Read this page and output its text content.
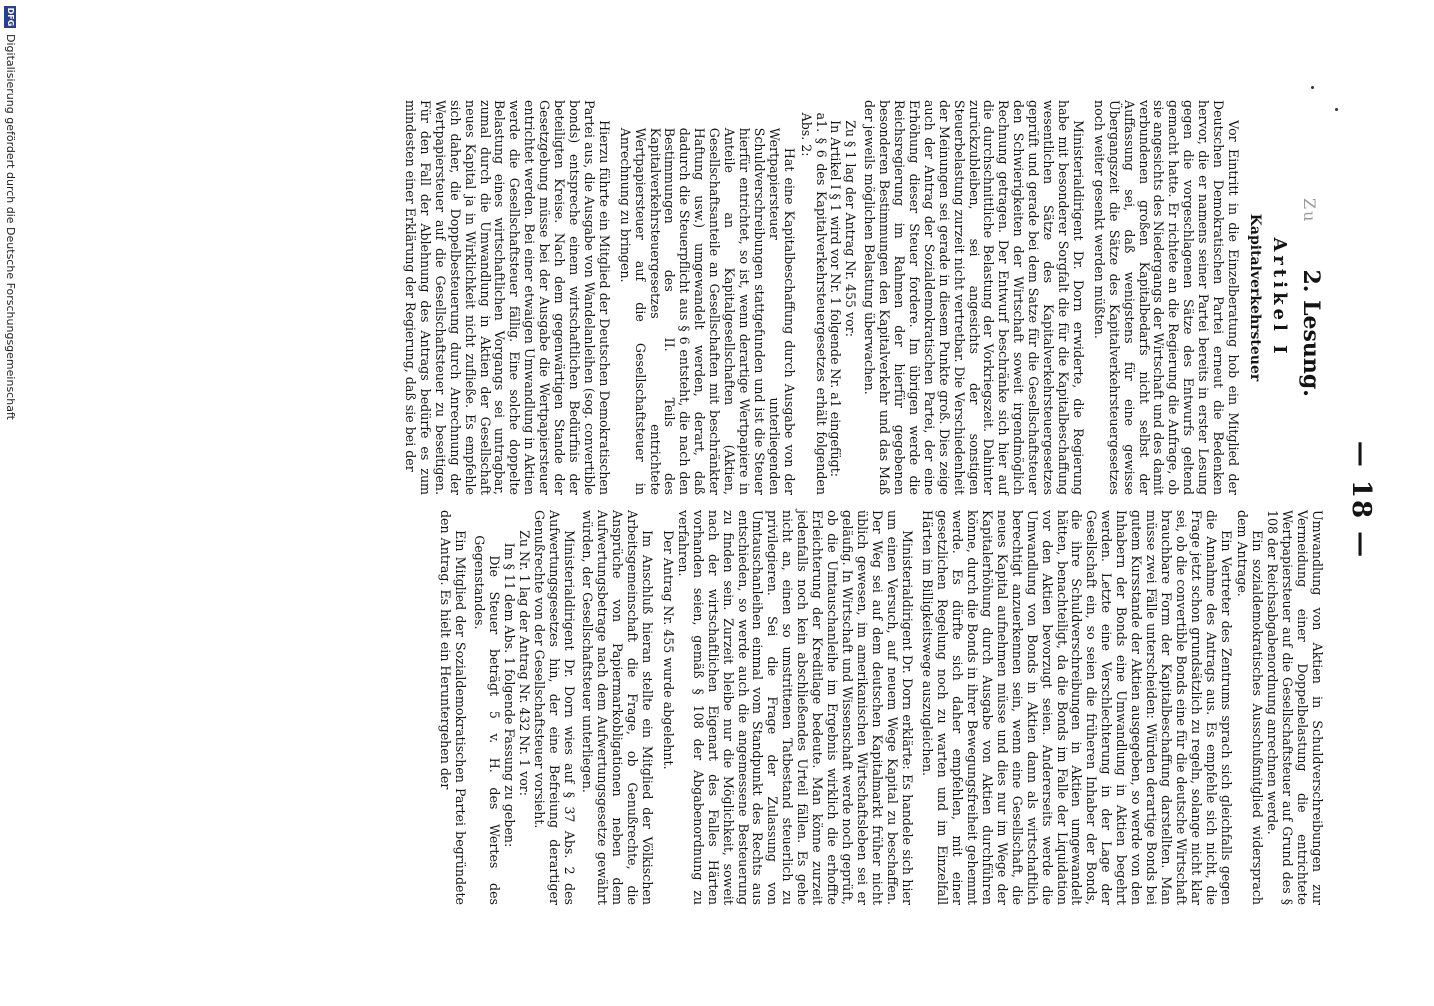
— 18 —
Zu      2. Lesung.
Artikel I
Kapitalverkehrsteuer

Vor Eintritt in die Einzelberatung hob ein Mitglied der Deutschen Demokratischen Partei erneut die Bedenken hervor, die er namens seiner Partei bereits in erster Lesung gegen die vorgeschlagenen Sätze des Entwurfs geltend gemacht hatte. Er richtete an die Regierung die Anfrage, ob sie angesichts des Niedergangs der Wirtschaft und des damit verbundenen großen Kapitalbedarfs nicht selbst der Auffassung sei, daß wenigstens für eine gewisse Übergangszeit die Sätze des Kapitalverkehrsteuergesetzes noch weiter gesenkt werden müßten.

Ministerialdirigent Dr. Dorn erwiderte, die Regierung habe mit besonderer Sorgfalt die für die Kapitalbeschaffung wesentlichen Sätze des Kapitalverkehrsteuergesetzes geprüft und gerade bei dem Satze für die Gesellschaftsteuer den Schwierigkeiten der Wirtschaft soweit irgendmöglich Rechnung getragen. Der Entwurf beschränke sich hier auf die durchschnittliche Belastung der Vorkriegszeit. Dahinter zurückzubleiben, sei angesichts der sonstigen Steuerbelastung zurzeit nicht vertretbar. Die Verschiedenheit der Meinungen sei gerade in diesem Punkte groß. Dies zeige auch der Antrag der Sozialdemokratischen Partei, der eine Erhöhung dieser Steuer fordere. Im übrigen werde die Reichsregierung im Rahmen der hierfür gegebenen besonderen Bestimmungen den Kapitalverkehr und das Maß der jeweils möglichen Belastung überwachen.

Zu § 1 lag der Antrag Nr. 455 vor:

In Artikel I § 1 wird vor Nr. 1 folgende Nr. a1 eingefügt:

a1. § 6 des Kapitalverkehrsteuergesetzes erhält folgenden Abs. 2:

Hat eine Kapitalbeschaffung durch Ausgabe von der Wertpapiersteuer unterliegenden Schuldverschreibungen stattgefunden und ist die Steuer hierfür entrichtet, so ist, wenn derartige Wertpapiere in Anteile an Kapitalgesellschaften (Aktien, Gesellschaftsanteile an Gesellschaften mit beschränkter Haftung usw.) umgewandelt werden, derart, daß dadurch die Steuerpflicht aus § 6 entsteht, die nach den Bestimmungen des II. Teils des Kapitalverkehrsteuergesetzes entrichtete Wertpapiersteuer auf die Gesellschaftsteuer in Anrechnung zu bringen.

Hierzu führte ein Mitglied der Deutschen Demokratischen Partei aus, die Ausgabe von Wandelanleihen (sog. convertible bonds) entspreche einem wirtschaftlichen Bedürfnis der beteiligten Kreise. Nach dem gegenwärtigen Stande der Gesetzgebung müsse bei der Ausgabe die Wertpapiersteuer entrichtet werden. Bei einer etwaigen Umwandlung in Aktien werde die Gesellschaftsteuer fällig. Eine solche doppelte Belastung eines wirtschaftlichen Vorgangs sei untragbar, zumal durch die Umwandlung in Aktien der Gesellschaft neues Kapital ja in Wirklichkeit nicht zufließe. Es empfehle sich daher, die Doppelbesteuerung durch Anrechnung der Wertpapiersteuer auf die Gesellschaftsteuer zu beseitigen. Für den Fall der Ablehnung des Antrags bedürfe es zum mindesten einer Erklärung der Regierung, daß sie bei der

Umwandlung von Aktien in Schuldverschreibungen zur Vermeidung einer Doppelbelastung die entrichtete Wertpapiersteuer auf die Gesellschaftsteuer auf Grund des § 108 der Reichsabgabenordnung anrechnen werde.

Ein sozialdemokratisches Ausschußmitglied widersprach dem Antrage.

Ein Vertreter des Zentrums sprach sich gleichfalls gegen die Annahme des Antrags aus. Es empfehle sich nicht, die Frage jetzt schon grundsätzlich zu regeln, solange nicht klar sei, ob die convertible Bonds eine für die deutsche Wirtschaft brauchbare Form der Kapitalbeschaffung darstellten. Man müsse zwei Fälle unterscheiden: Würden derartige Bonds bei gutem Kursstande der Aktien ausgegeben, so werde von den Inhabern der Bonds eine Umwandlung in Aktien begehrt werden. Letzte eine Verschlechterung in der Lage der Gesellschaft ein, so seien die früheren Inhaber der Bonds, die ihre Schuldverschreibungen in Aktien umgewandelt hätten, benachteiligt, da die Bonds im Falle der Liquidation vor den Aktien bevorzugt seien. Andererseits werde die Umwandlung von Bonds in Aktien dann als wirtschaftlich berechtigt anzuerkennen sein, wenn eine Gesellschaft, die neues Kapital aufnehmen müsse und dies nur im Wege der Kapitalerhöhung durch Ausgabe von Aktien durchführen könne, durch die Bonds in ihrer Bewegungsfreiheit gehemmt werde. Es dürfte sich daher empfehlen, mit einer gesetzlichen Regelung noch zu warten und im Einzelfall Härten im Billigkeitswege auszugleichen.

Ministerialdirigent Dr. Dorn erklärte: Es handele sich hier um einen Versuch, auf neuem Wege Kapital zu beschaffen. Der Weg sei auf dem deutschen Kapitalmarkt früher nicht üblich gewesen, im amerikanischen Wirtschaftsleben sei er geläufig. In Wirtschaft und Wissenschaft werde noch geprüft, ob die Umtauschanleihe im Ergebnis wirklich die erhoffte Erleichterung der Kreditlage bedeute. Man könne zurzeit jedenfalls noch kein abschließendes Urteil fällen. Es gehe nicht an, einen so umstrittenen Tatbestand steuerlich zu privilegieren. Sei die Frage der Zulassung von Umtauschanleihen einmal vom Standpunkt des Rechts aus entschieden, so werde auch die angemessene Besteuerung zu finden sein. Zurzeit bleibe nur die Möglichkeit, soweit nach der wirtschaftlichen Eigenart des Falles Härten vorhanden seien, gemäß § 108 der Abgabenordnung zu verfahren.

Der Antrag Nr. 455 wurde abgelehnt.

Im Anschluß hieran stellte ein Mitglied der Völkischen Arbeitsgemeinschaft die Frage, ob Genußrechte, die Ansprüche von Papiermarkobligationen neben dem Aufwertungsbetrage nach dem Aufwertungsgesetze gewährt würden, der Gesellschaftsteuer unterliegen.

Ministerialdirigent Dr. Dorn wies auf § 37 Abs. 2 des Aufwertungsgesetzes hin, der eine Befreiung derartiger Genußrechte von der Gesellschaftsteuer vorsieht.

Zu Nr. 1 lag der Antrag Nr. 432 Nr. 1 vor:

Im § 11 dem Abs. 1 folgende Fassung zu geben:

Die Steuer beträgt 5 v. H. des Wertes des Gegenstandes.

Ein Mitglied der Sozialdemokratischen Partei begründete den Antrag. Es hielt ein Heruntergehen der

DFG
Digitalisierung gefördert durch die Deutsche Forschungsgemeinschaft
